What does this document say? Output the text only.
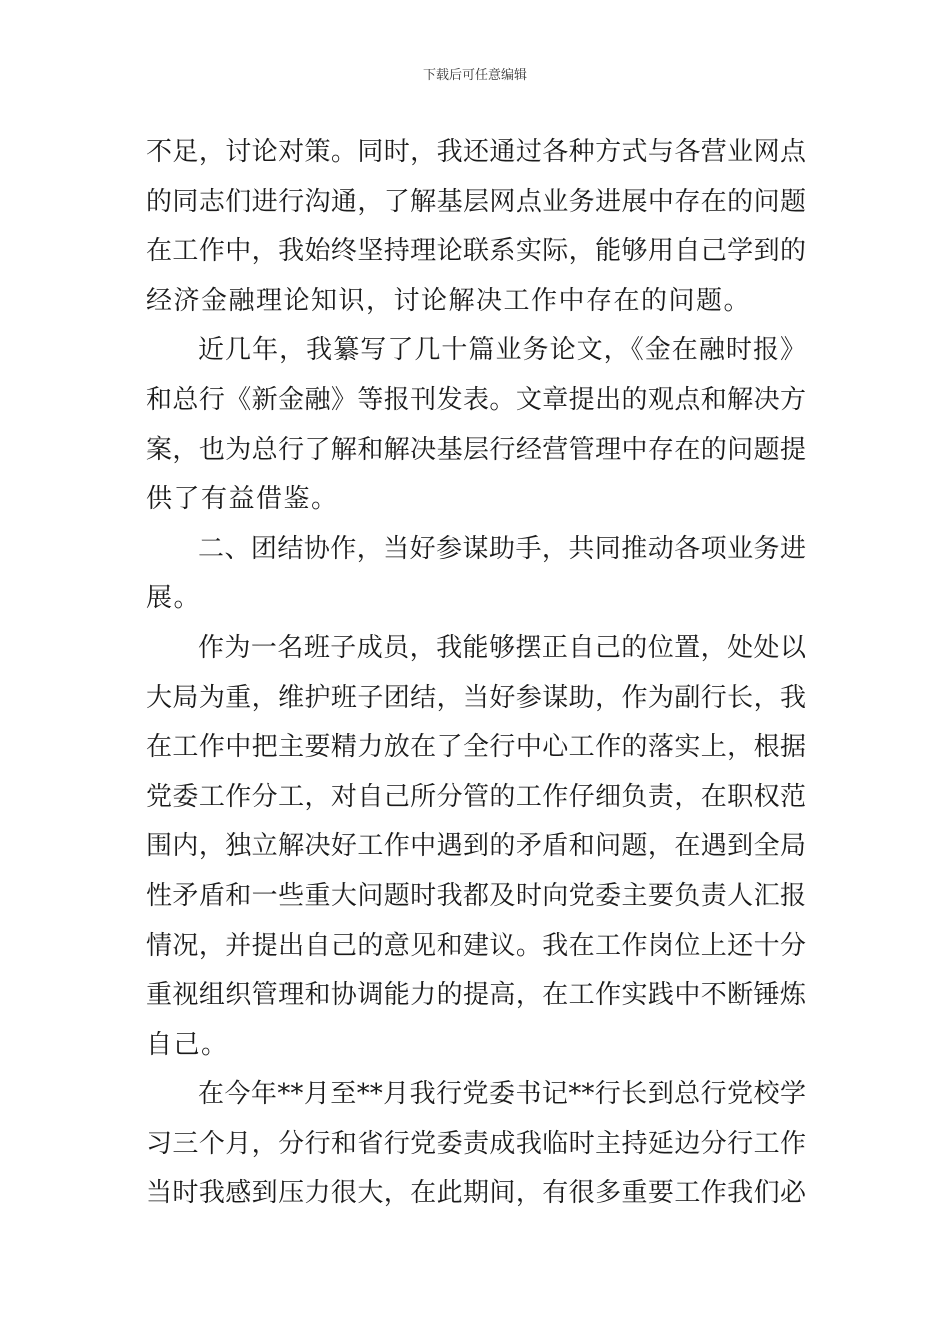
下载后可任意编辑
不足，讨论对策。同时，我还通过各种方式与各营业网点
的同志们进行沟通，了解基层网点业务进展中存在的问题
在工作中，我始终坚持理论联系实际，能够用自己学到的
经济金融理论知识，讨论解决工作中存在的问题。
近几年，我纂写了几十篇业务论文，《金在融时报》
和总行《新金融》等报刊发表。文章提出的观点和解决方
案，也为总行了解和解决基层行经营管理中存在的问题提
供了有益借鉴。
二、团结协作，当好参谋助手，共同推动各项业务进
展。
作为一名班子成员，我能够摆正自己的位置，处处以
大局为重，维护班子团结，当好参谋助，作为副行长，我
在工作中把主要精力放在了全行中心工作的落实上，根据
党委工作分工，对自己所分管的工作仔细负责，在职权范
围内，独立解决好工作中遇到的矛盾和问题，在遇到全局
性矛盾和一些重大问题时我都及时向党委主要负责人汇报
情况，并提出自己的意见和建议。我在工作岗位上还十分
重视组织管理和协调能力的提高，在工作实践中不断锤炼
自己。
在今年**月至**月我行党委书记**行长到总行党校学
习三个月，分行和省行党委责成我临时主持延边分行工作
当时我感到压力很大，在此期间，有很多重要工作我们必
